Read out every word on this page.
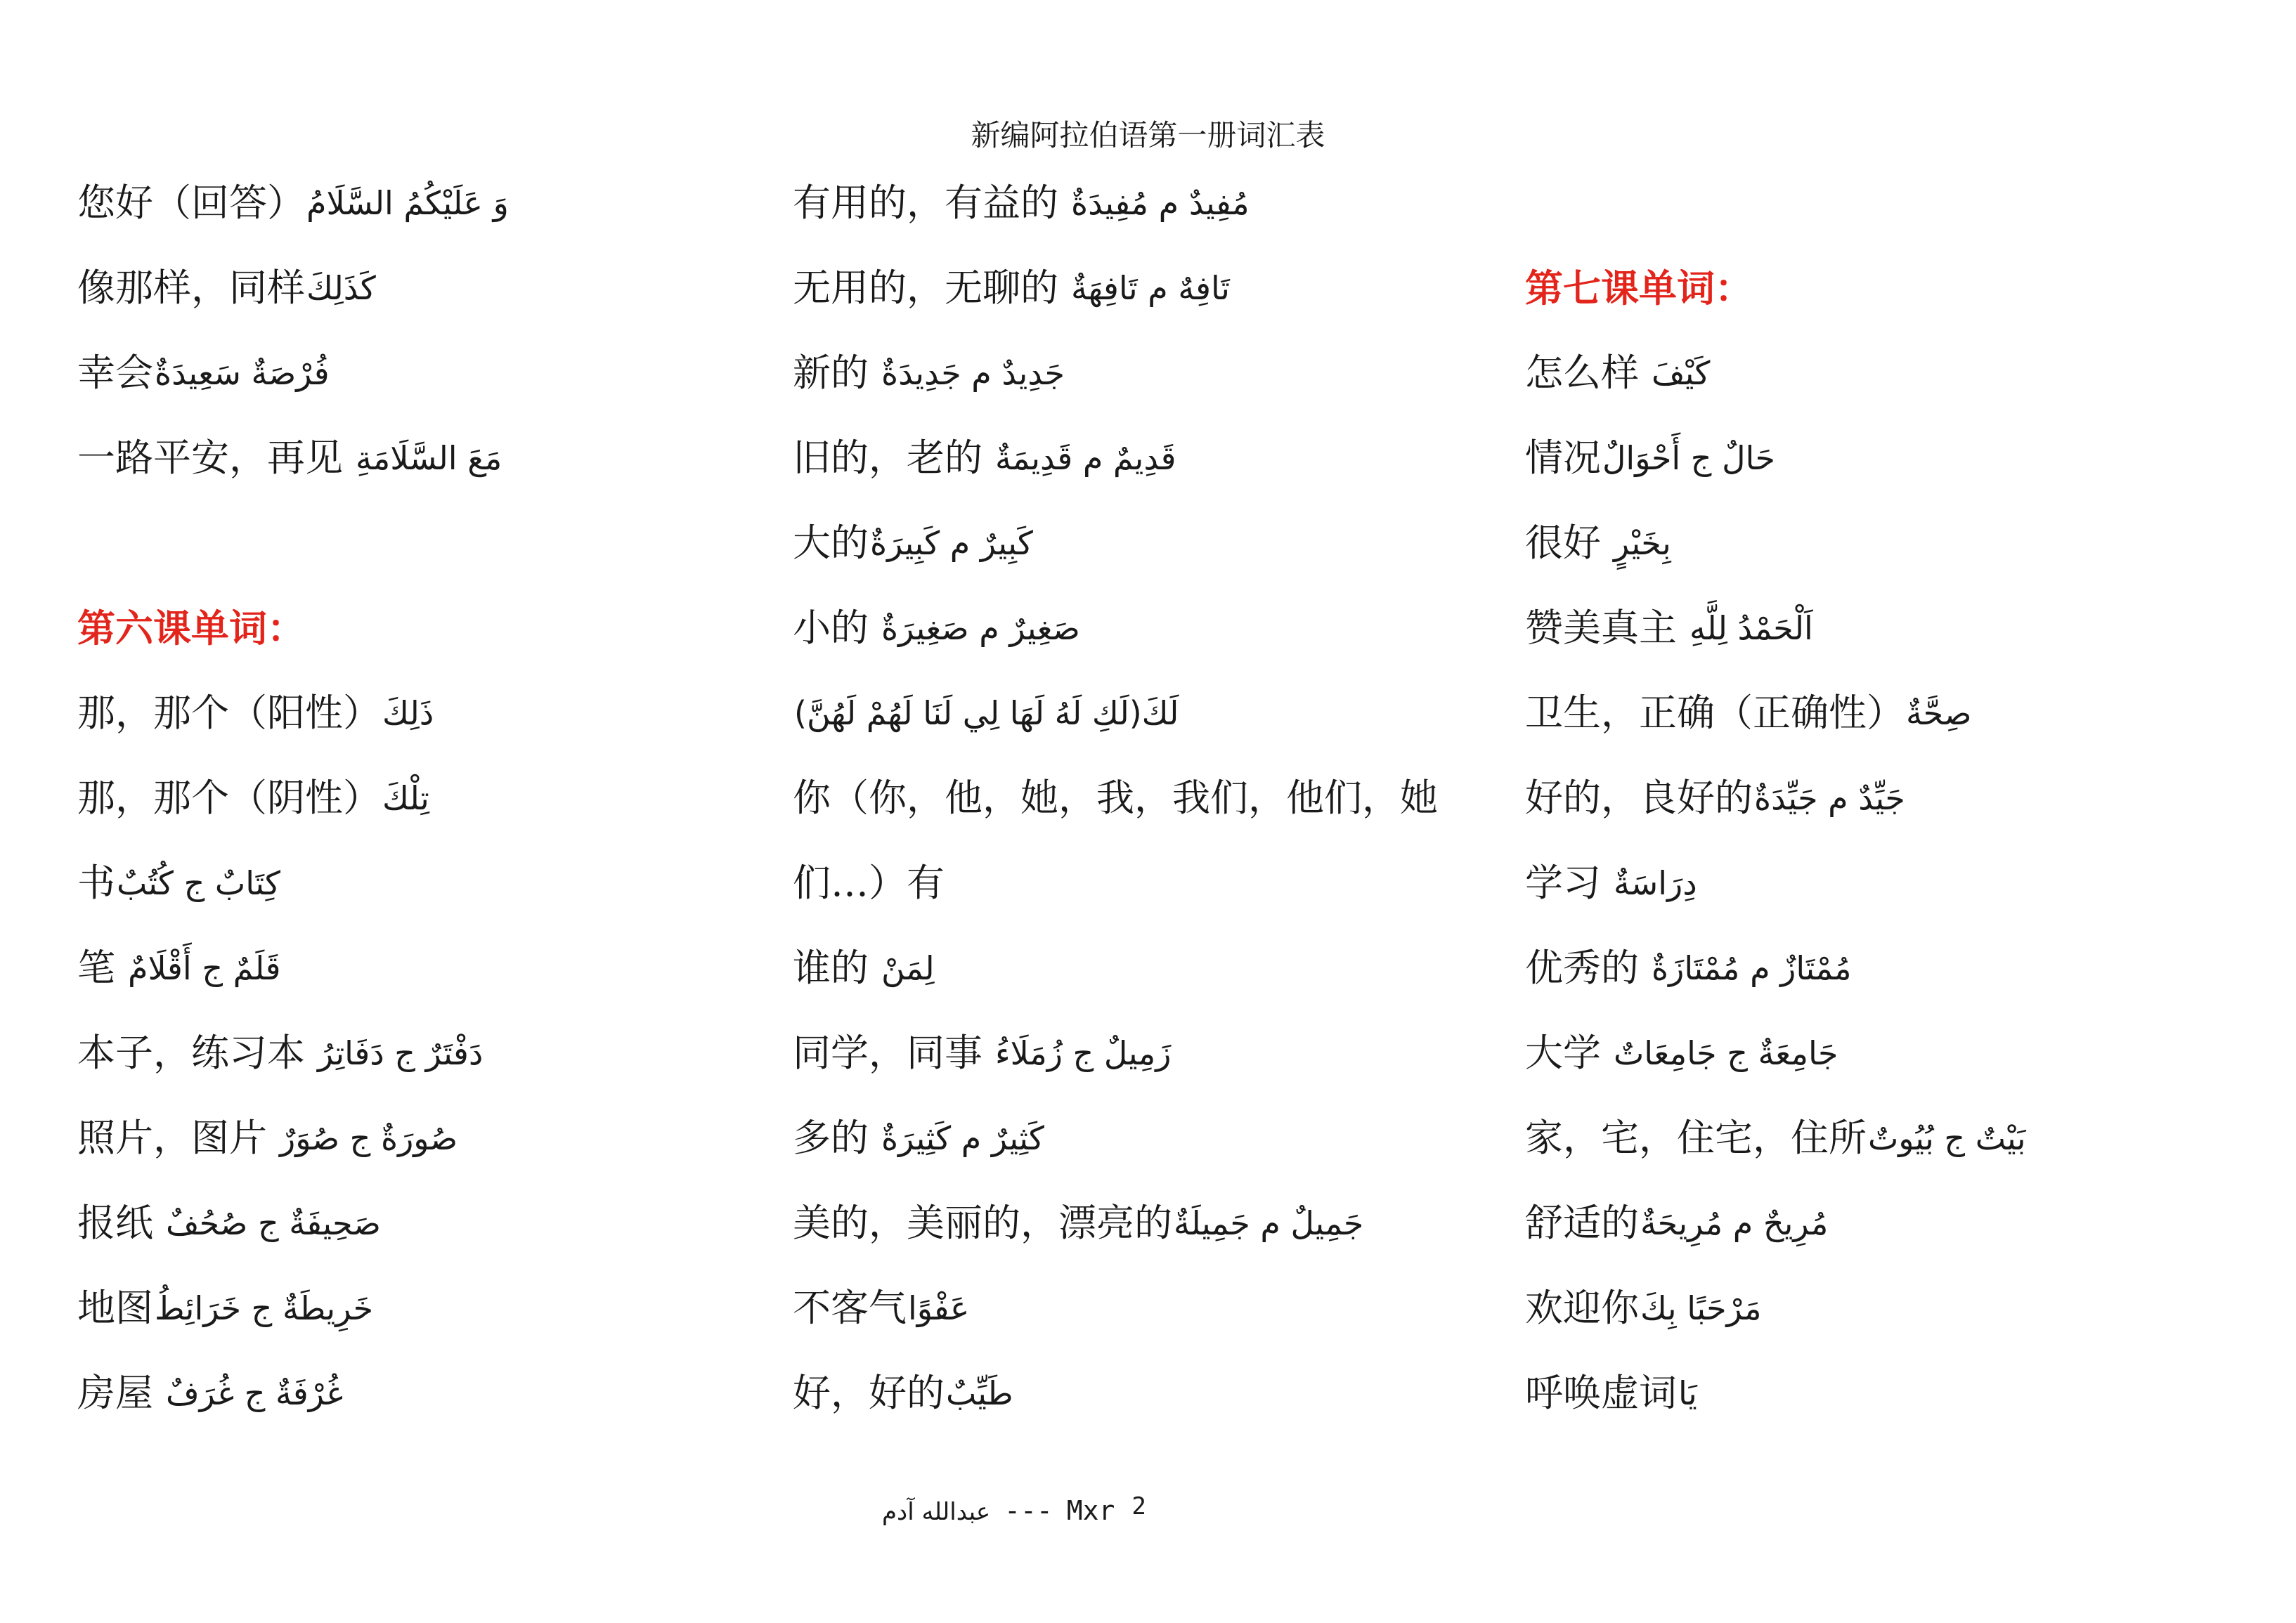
新编阿拉伯语第一册词汇表
您好（回答） وَ عَلَيْكُمُ السَّلَامُ
像那样，同样 كَذَلِكَ
幸会 فُرْصَةٌ سَعِيدَةٌ
一路平安，再见 مَعَ السَّلَامَةِ
第六课单词：
那，那个（阳性） ذَلِكَ
那，那个（阴性） تِلْكَ
书 كِتَابٌ ج كُتُبٌ
笔 قَلَمٌ ج أَقْلَامٌ
本子，练习本 دَفْتَرٌ ج دَفَاتِرُ
照片，图片 صُورَةٌ ج صُوَرٌ
报纸 صَحِيفَةٌ ج صُحُفٌ
地图 خَرِيطَةٌ ج خَرَائِطُ
房屋 غُرْفَةٌ ج غُرَفٌ
有用的，有益的 مُفِيدٌ م مُفِيدَةٌ
无用的，无聊的 تَافِهٌ م تَافِهَةٌ
新的 جَدِيدٌ م جَدِيدَةٌ
旧的，老的 قَدِيمٌ م قَدِيمَةٌ
大的 كَبِيرٌ م كَبِيرَةٌ
小的 صَغِيرٌ م صَغِيرَةٌ
لَكَ(لَكِ لَهُ لَهَا لِي لَنَا لَهُمْ لَهُنَّ)
你（你，他，她，我，我们，他们，她
们…）有
谁的 لِمَنْ
同学，同事 زَمِيلٌ ج زُمَلَاءُ
多的 كَثِيرٌ م كَثِيرَةٌ
美的，美丽的，漂亮的 جَمِيلٌ م جَمِيلَةٌ
不客气 عَفْوًا
好，好的 طَيِّبٌ
第七课单词：
怎么样 كَيْفَ
情况 حَالٌ ج أَحْوَالٌ
很好 بِخَيْرٍ
赞美真主 اَلْحَمْدُ لِلَّهِ
卫生，正确（正确性） صِحَّةٌ
好的，良好的 جَيِّدٌ م جَيِّدَةٌ
学习 دِرَاسَةٌ
优秀的 مُمْتَازٌ م مُمْتَازَةٌ
大学 جَامِعَةٌ ج جَامِعَاتٌ
家，宅，住宅，住所 بَيْتٌ ج بُيُوتٌ
舒适的 مُرِيحٌ م مُرِيحَةٌ
欢迎你 مَرْحَبًا بِكَ
呼唤虚词 يَا
عبدالله آدم --- Mxr 2
